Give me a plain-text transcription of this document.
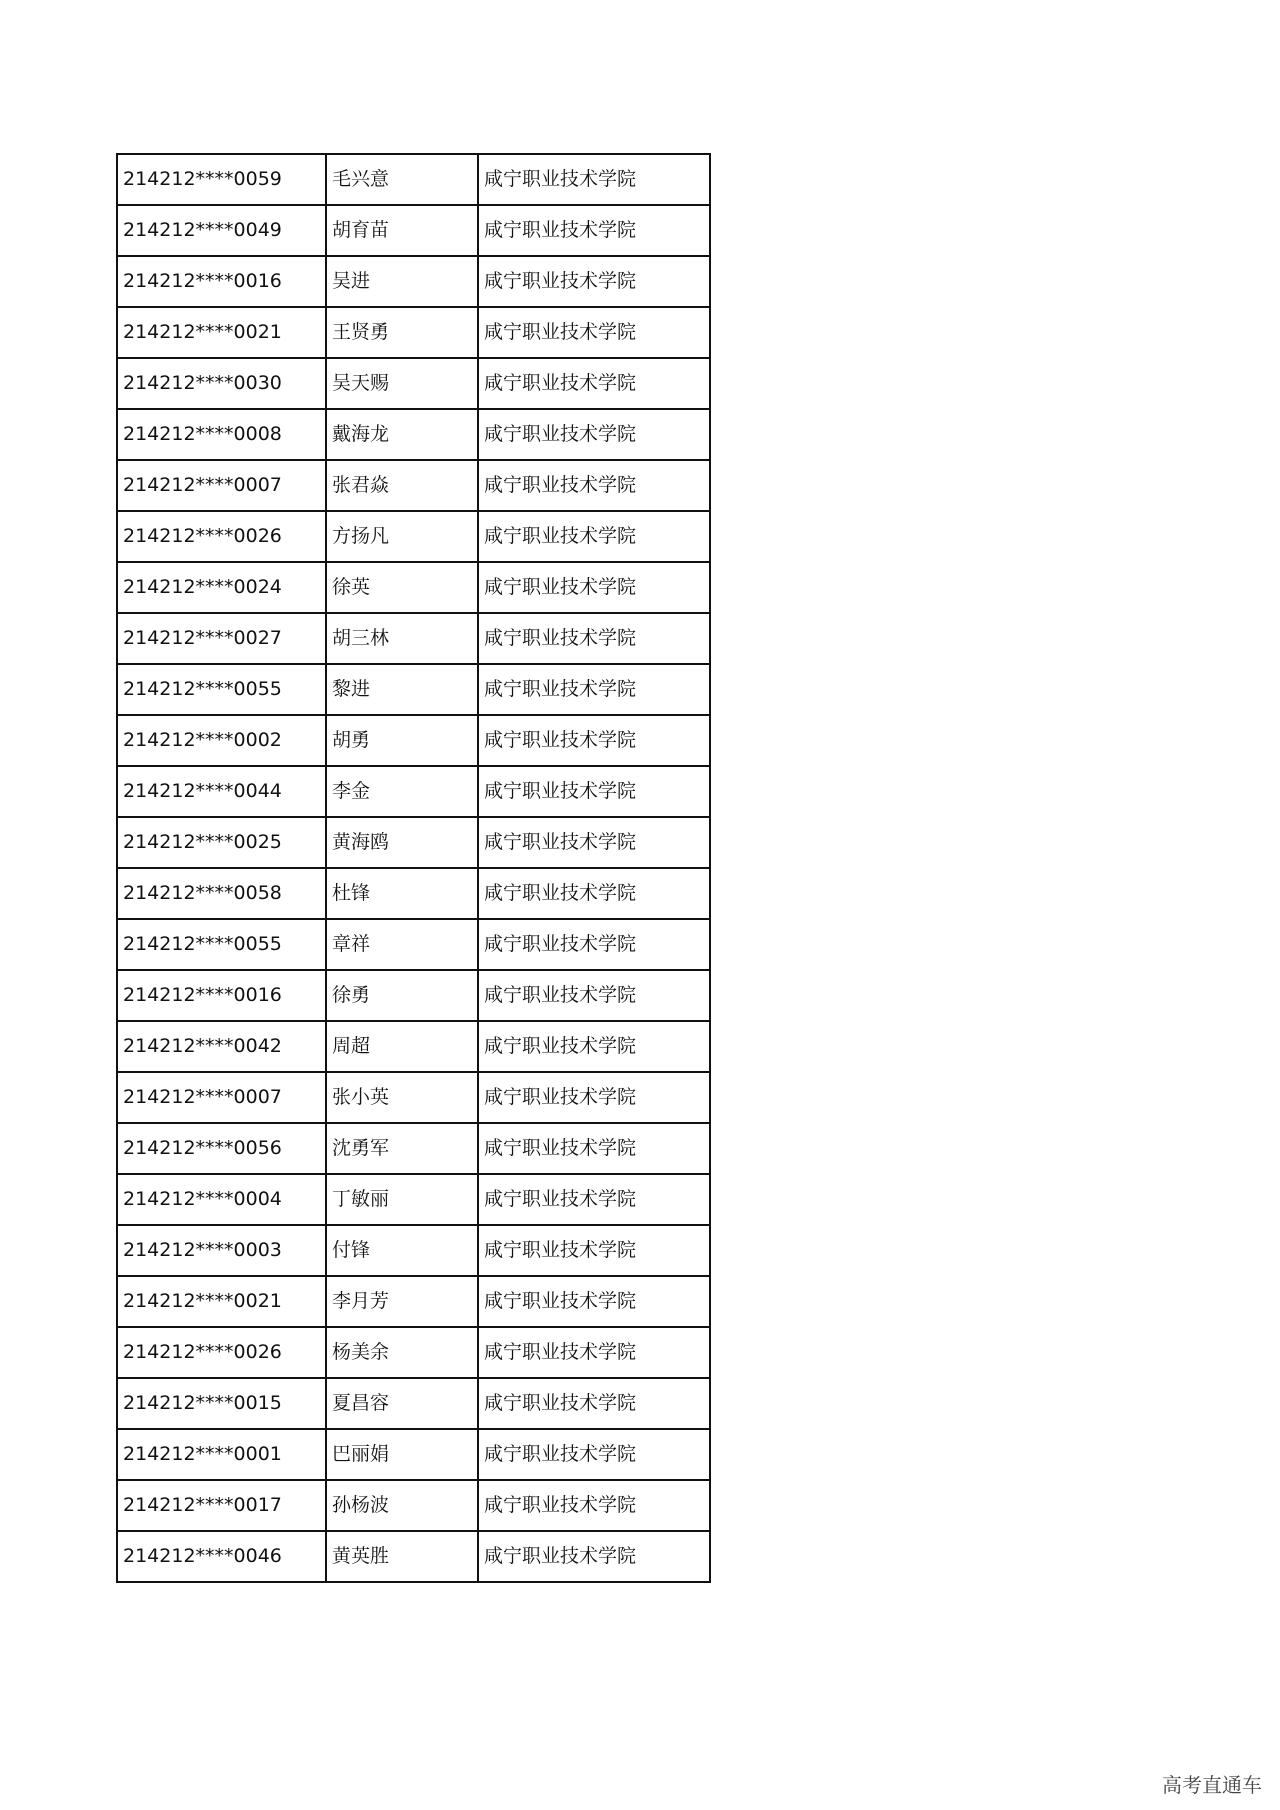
214212****0059	毛兴意	咸宁职业技术学院
214212****0049	胡育苗	咸宁职业技术学院
214212****0016	吴进	咸宁职业技术学院
214212****0021	王贤勇	咸宁职业技术学院
214212****0030	吴天赐	咸宁职业技术学院
214212****0008	戴海龙	咸宁职业技术学院
214212****0007	张君焱	咸宁职业技术学院
214212****0026	方扬凡	咸宁职业技术学院
214212****0024	徐英	咸宁职业技术学院
214212****0027	胡三林	咸宁职业技术学院
214212****0055	黎进	咸宁职业技术学院
214212****0002	胡勇	咸宁职业技术学院
214212****0044	李金	咸宁职业技术学院
214212****0025	黄海鸥	咸宁职业技术学院
214212****0058	杜锋	咸宁职业技术学院
214212****0055	章祥	咸宁职业技术学院
214212****0016	徐勇	咸宁职业技术学院
214212****0042	周超	咸宁职业技术学院
214212****0007	张小英	咸宁职业技术学院
214212****0056	沈勇军	咸宁职业技术学院
214212****0004	丁敏丽	咸宁职业技术学院
214212****0003	付锋	咸宁职业技术学院
214212****0021	李月芳	咸宁职业技术学院
214212****0026	杨美余	咸宁职业技术学院
214212****0015	夏昌容	咸宁职业技术学院
214212****0001	巴丽娟	咸宁职业技术学院
214212****0017	孙杨波	咸宁职业技术学院
214212****0046	黄英胜	咸宁职业技术学院
高考直通车
